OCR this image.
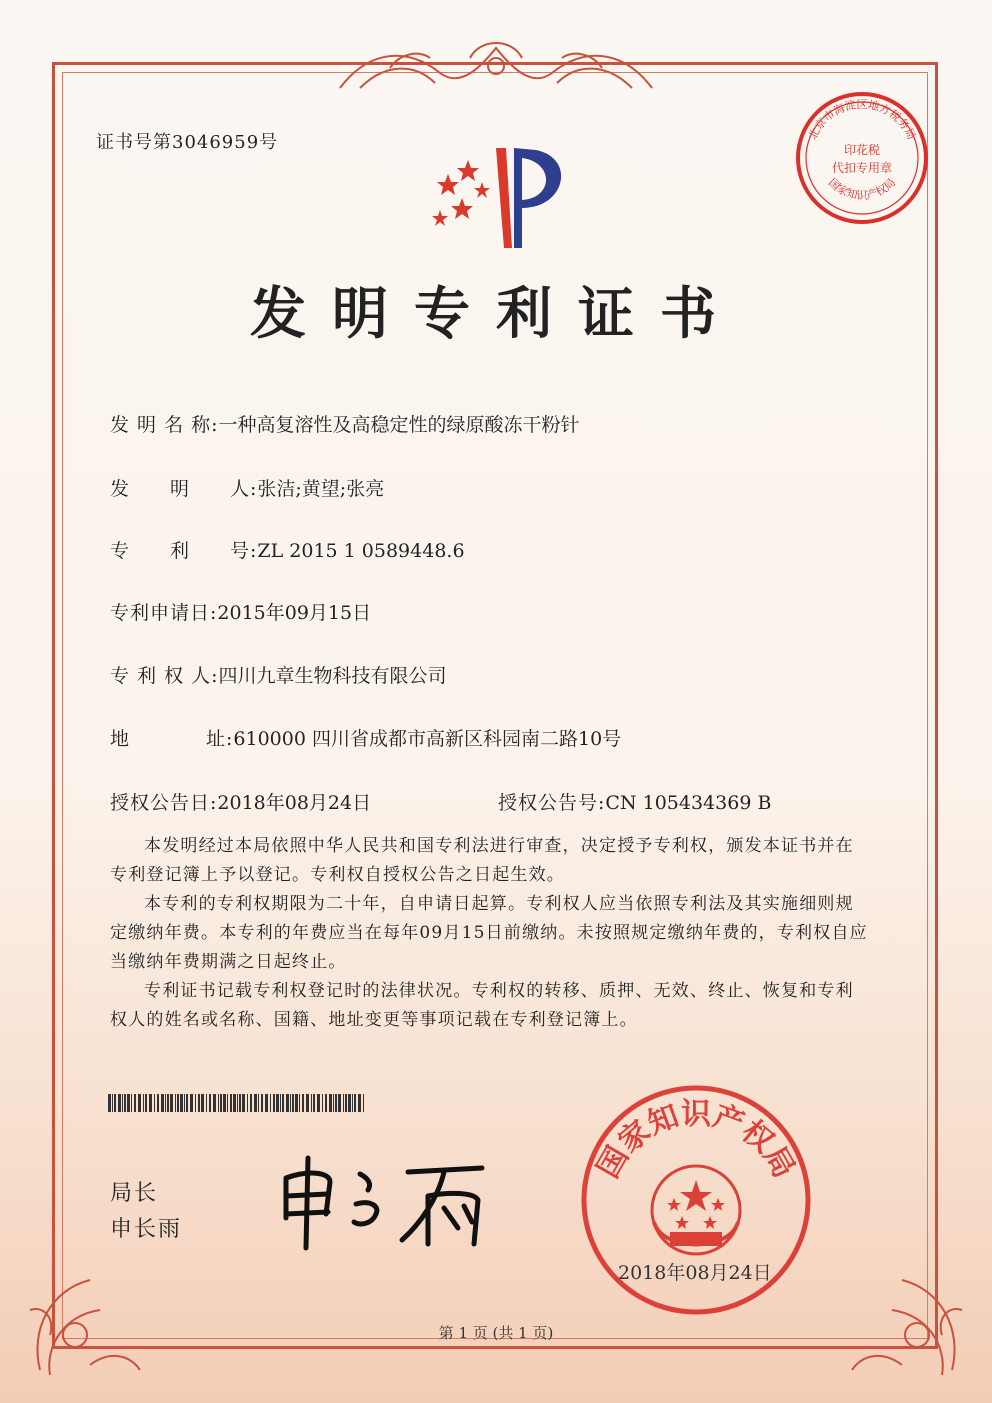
证书号第3046959号	北京市海淀区地方税务局
印花税
代扣专用章
国家知识产权局
发明专利证书
发 明 名 称:一种高复溶性及高稳定性的绿原酸冻干粉针
发　　明　　人:张洁;黄望;张亮
专　　利　　号:ZL 2015 1 0589448.6
专利申请日:2015年09月15日
专 利 权 人:四川九章生物科技有限公司
地	址:610000 四川省成都市高新区科园南二路10号
授权公告日:2018年08月24日	授权公告号:CN 105434369 B

本发明经过本局依照中华人民共和国专利法进行审查，决定授予专利权，颁发本证书并在专利登记簿上予以登记。专利权自授权公告之日起生效。

本专利的专利权期限为二十年，自申请日起算。专利权人应当依照专利法及其实施细则规定缴纳年费。本专利的年费应当在每年09月15日前缴纳。未按照规定缴纳年费的，专利权自应当缴纳年费期满之日起终止。

专利证书记载专利权登记时的法律状况。专利权的转移、质押、无效、终止、恢复和专利权人的姓名或名称、国籍、地址变更等事项记载在专利登记簿上。

局长
申长雨
国家知识产权局
2018年08月24日
第 1 页 (共 1 页)
